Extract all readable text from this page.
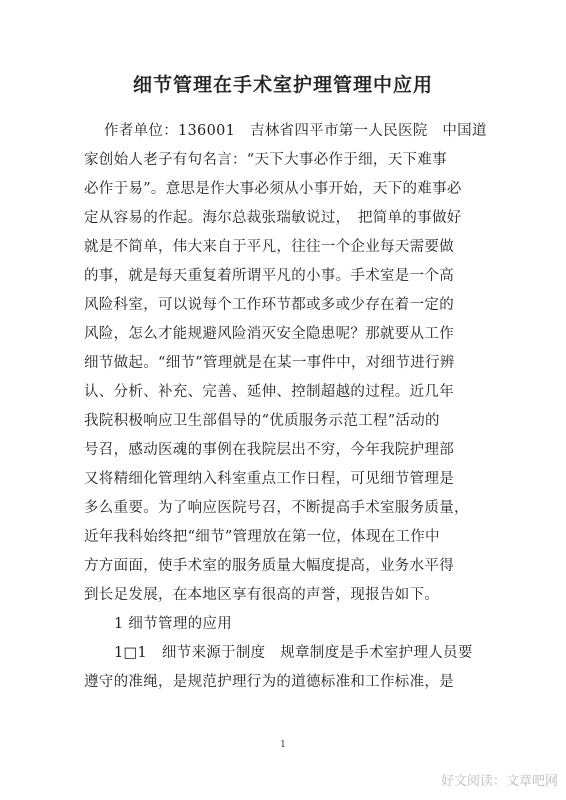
细节管理在手术室护理管理中应用
作者单位：136001　吉林省四平市第一人民医院　中国道
家创始人老子有句名言：“天下大事必作于细，天下难事
必作于易”。意思是作大事必须从小事开始，天下的难事必
定从容易的作起。海尔总裁张瑞敏说过，　把简单的事做好
就是不简单，伟大来自于平凡，往往一个企业每天需要做
的事，就是每天重复着所谓平凡的小事。手术室是一个高
风险科室，可以说每个工作环节都或多或少存在着一定的
风险，怎么才能规避风险消灭安全隐患呢？那就要从工作
细节做起。“细节”管理就是在某一事件中，对细节进行辨
认、分析、补充、完善、延伸、控制超越的过程。近几年
我院积极响应卫生部倡导的“优质服务示范工程”活动的
号召，感动医魂的事例在我院层出不穷，今年我院护理部
又将精细化管理纳入科室重点工作日程，可见细节管理是
多么重要。为了响应医院号召，不断提高手术室服务质量，
近年我科始终把“细节”管理放在第一位，体现在工作中
方方面面，使手术室的服务质量大幅度提高，业务水平得
到长足发展，在本地区享有很高的声誉，现报告如下。
1 细节管理的应用
1□1　细节来源于制度　规章制度是手术室护理人员要
遵守的准绳，是规范护理行为的道德标准和工作标准，是
1
好文阅读：文章吧网
